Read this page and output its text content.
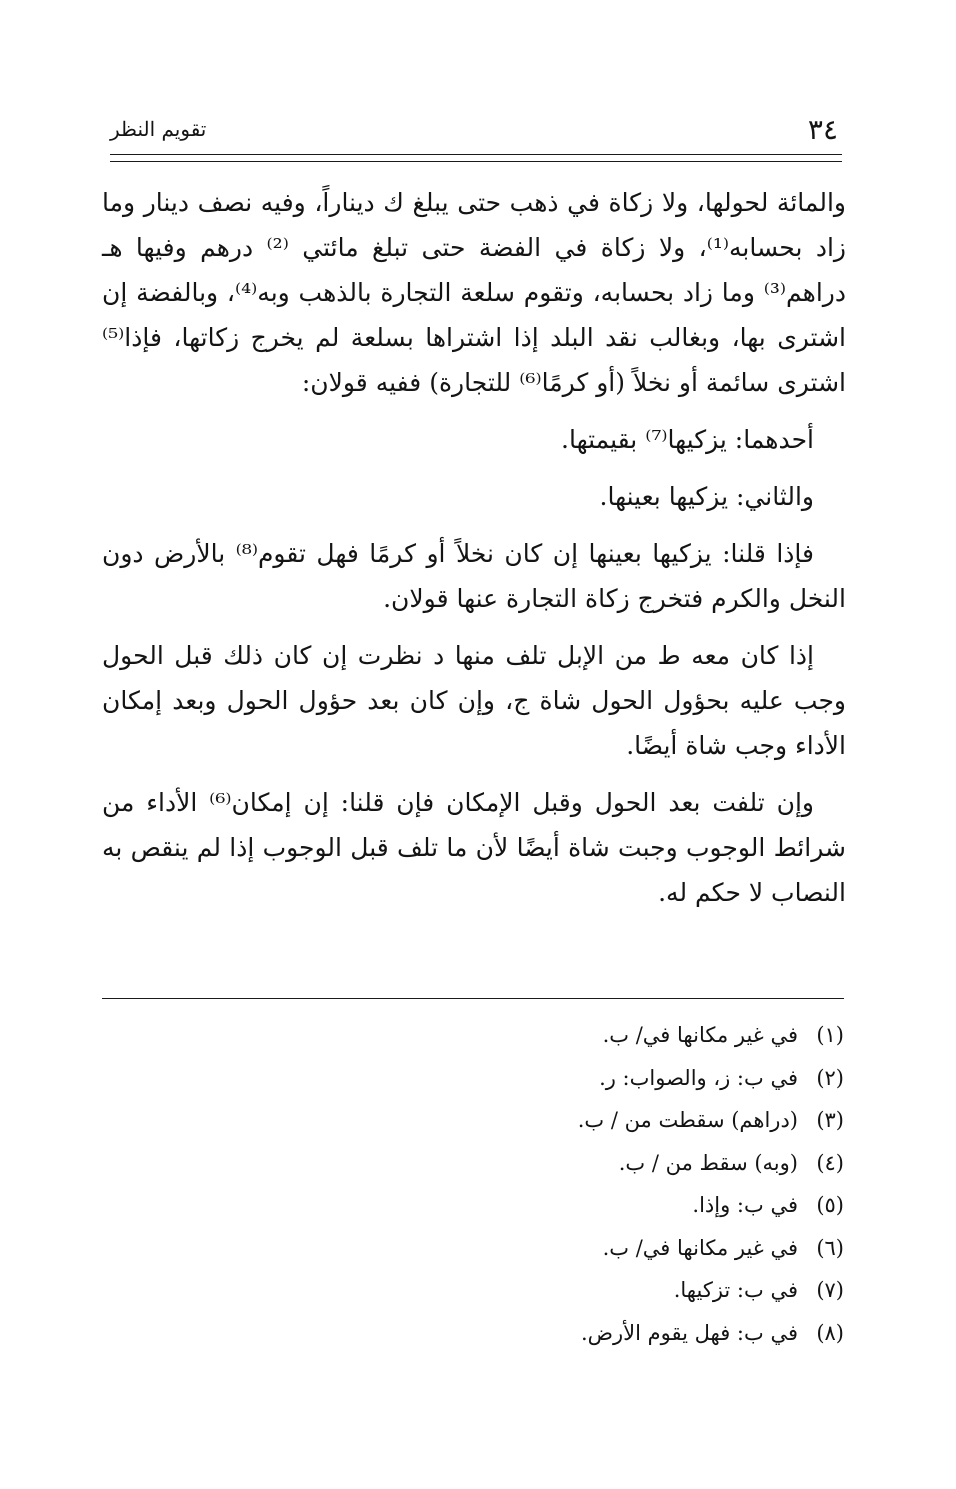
٣٤
تقويم النظر

والمائة لحولها، ولا زكاة في ذهب حتى يبلغ ك ديناراً، وفيه نصف دينار وما زاد بحسابه⁽¹⁾، ولا زكاة في الفضة حتى تبلغ مائتي ⁽²⁾ درهم وفيها هـ دراهم⁽³⁾ وما زاد بحسابه، وتقوم سلعة التجارة بالذهب وبه⁽⁴⁾، وبالفضة إن اشترى بها، وبغالب نقد البلد إذا اشتراها بسلعة لم يخرج زكاتها، فإذا⁽⁵⁾ اشترى سائمة أو نخلاً (أو كرمًا⁽⁶⁾ للتجارة) ففيه قولان:

أحدهما: يزكيها⁽⁷⁾ بقيمتها.

والثاني: يزكيها بعينها.

فإذا قلنا: يزكيها بعينها إن كان نخلاً أو كرمًا فهل تقوم⁽⁸⁾ بالأرض دون النخل والكرم فتخرج زكاة التجارة عنها قولان.

إذا كان معه ط من الإبل تلف منها د نظرت إن كان ذلك قبل الحول وجب عليه بحؤول الحول شاة ج، وإن كان بعد حؤول الحول وبعد إمكان الأداء وجب شاة أيضًا.

وإن تلفت بعد الحول وقبل الإمكان فإن قلنا: إن إمكان⁽⁶⁾ الأداء من شرائط الوجوب وجبت شاة أيضًا لأن ما تلف قبل الوجوب إذا لم ينقص به النصاب لا حكم له.

(١)
في غير مكانها في/ ب.
(٢)
في ب: ز، والصواب: ر.
(٣)
(دراهم) سقطت من / ب.
(٤)
(وبه) سقط من / ب.
(٥)
في ب: وإذا.
(٦)
في غير مكانها في/ ب.
(٧)
في ب: تزكيها.
(٨)
في ب: فهل يقوم الأرض.
